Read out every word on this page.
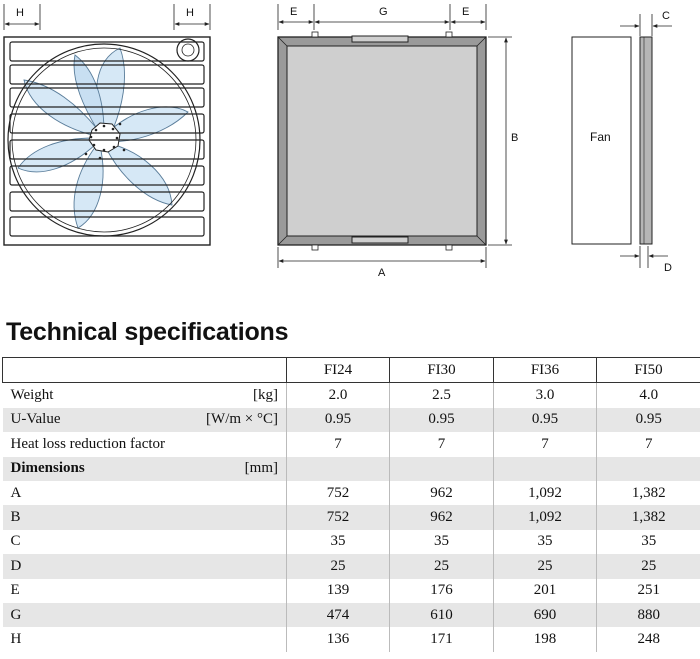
H	H	E	G	E
B
A
Fan
C
D
Technical specifications
	FI24	FI30	FI36	FI50

Weight [kg]	2.0	2.5	3.0	4.0

U-Value [W/m × °C]	0.95	0.95	0.95	0.95

Heat loss reduction factor	7	7	7	7

Dimensions [mm]				

A	752	962	1,092	1,382

B	752	962	1,092	1,382

C	35	35	35	35

D	25	25	25	25

E	139	176	201	251

G	474	610	690	880

H	136	171	198	248
